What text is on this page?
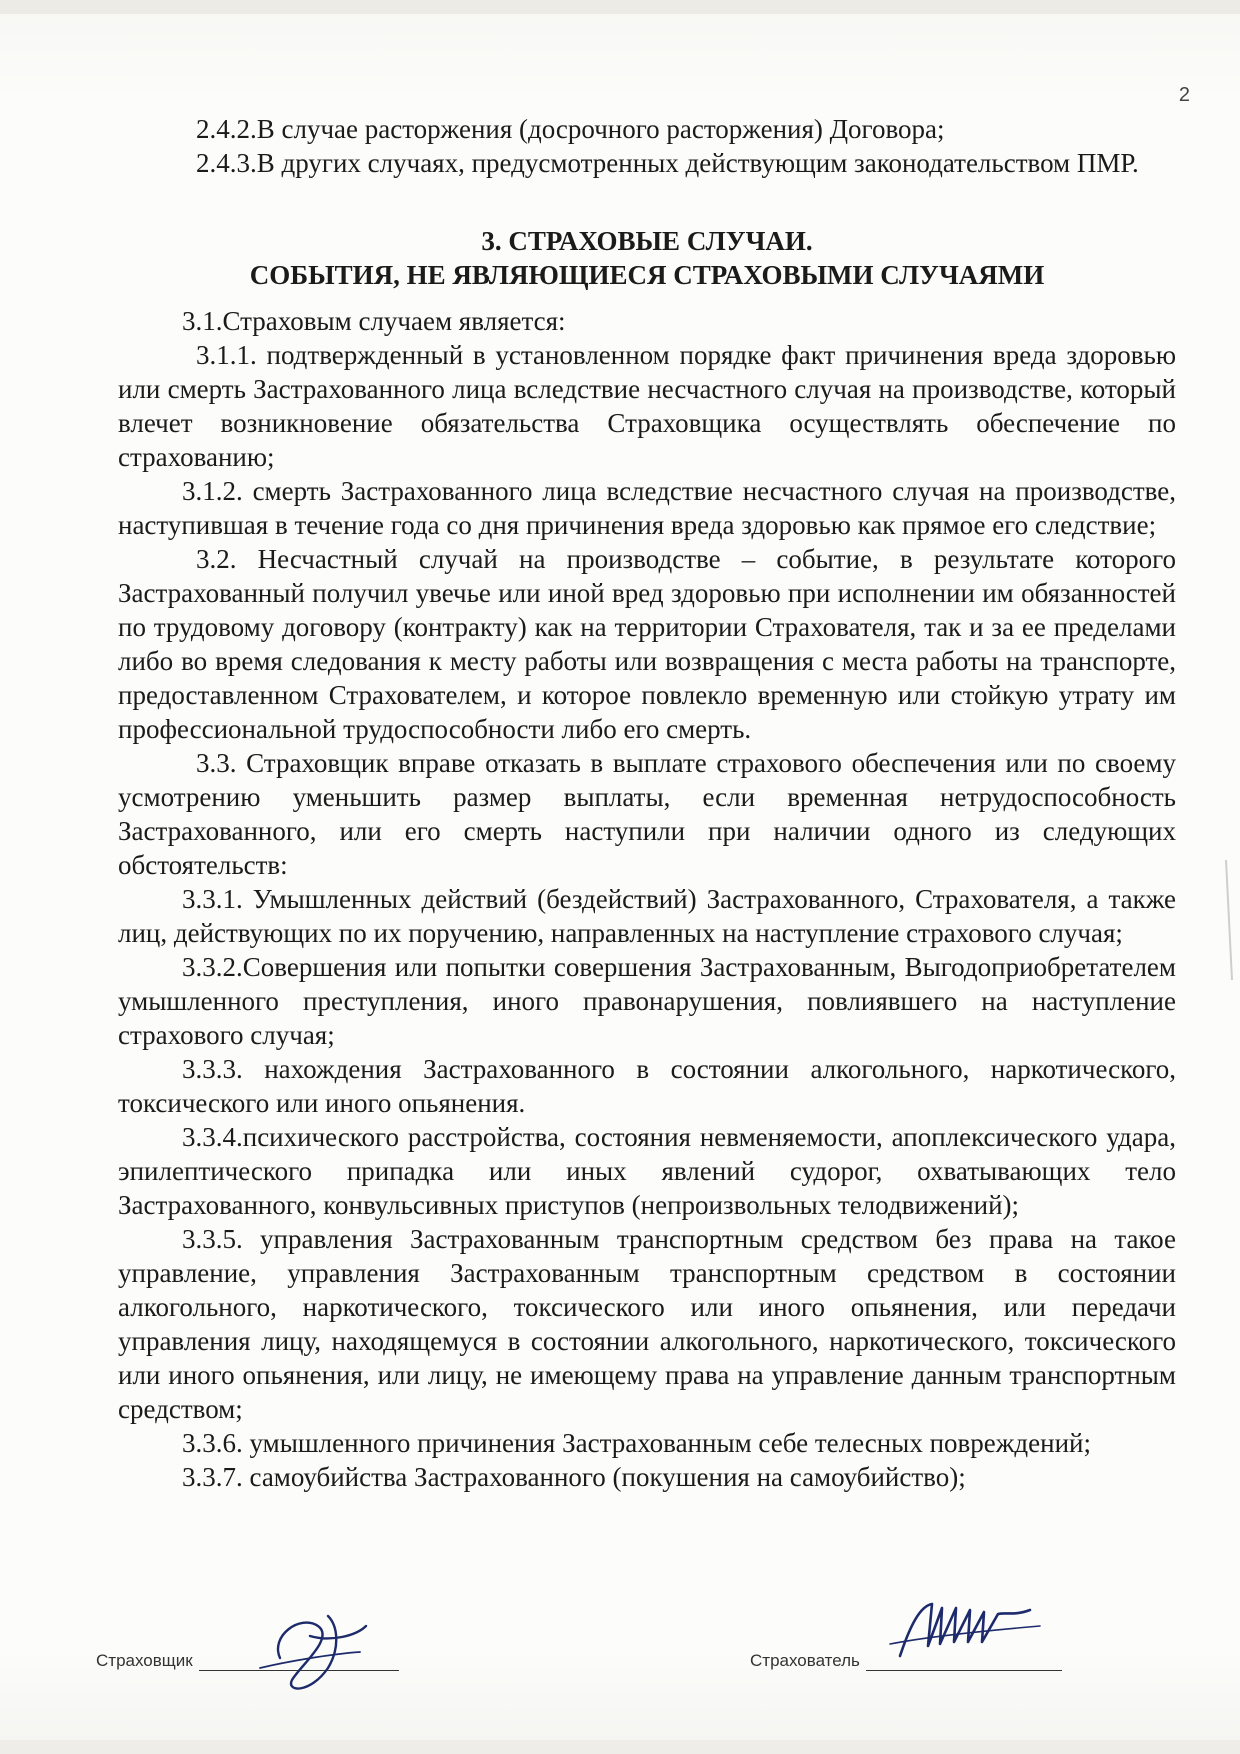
2

2.4.2.В случае расторжения (досрочного расторжения) Договора;

2.4.3.В других случаях, предусмотренных действующим законодательством ПМР.

3. СТРАХОВЫЕ СЛУЧАИ.
СОБЫТИЯ, НЕ ЯВЛЯЮЩИЕСЯ СТРАХОВЫМИ СЛУЧАЯМИ

3.1.Страховым случаем является:

3.1.1. подтвержденный в установленном порядке факт причинения вреда здоровью или смерть Застрахованного лица вследствие несчастного случая на производстве, который влечет возникновение обязательства Страховщика осуществлять обеспечение по страхованию;

3.1.2. смерть Застрахованного лица вследствие несчастного случая на производстве, наступившая в течение года со дня причинения вреда здоровью как прямое его следствие;

3.2. Несчастный случай на производстве – событие, в результате которого Застрахованный получил увечье или иной вред здоровью при исполнении им обязанностей по трудовому договору (контракту) как на территории Страхователя, так и за ее пределами либо во время следования к месту работы или возвращения с места работы на транспорте, предоставленном Страхователем, и которое повлекло временную или стойкую утрату им профессиональной трудоспособности либо его смерть.

3.3. Страховщик вправе отказать в выплате страхового обеспечения или по своему усмотрению уменьшить размер выплаты, если временная нетрудоспособность Застрахованного, или его смерть наступили при наличии одного из следующих обстоятельств:

3.3.1. Умышленных действий (бездействий) Застрахованного, Страхователя, а также лиц, действующих по их поручению, направленных на наступление страхового случая;

3.3.2.Совершения или попытки совершения Застрахованным, Выгодоприобретателем умышленного преступления, иного правонарушения, повлиявшего на наступление страхового случая;

3.3.3. нахождения Застрахованного в состоянии алкогольного, наркотического, токсического или иного опьянения.

3.3.4.психического расстройства, состояния невменяемости, апоплексического удара, эпилептического припадка или иных явлений судорог, охватывающих тело Застрахованного, конвульсивных приступов (непроизвольных телодвижений);

3.3.5. управления Застрахованным транспортным средством без права на такое управление, управления Застрахованным транспортным средством в состоянии алкогольного, наркотического, токсического или иного опьянения, или передачи управления лицу, находящемуся в состоянии алкогольного, наркотического, токсического или иного опьянения, или лицу, не имеющему права на управление данным транспортным средством;

3.3.6. умышленного причинения Застрахованным себе телесных повреждений;

3.3.7. самоубийства Застрахованного (покушения на самоубийство);

Страховщик	Страхователь
